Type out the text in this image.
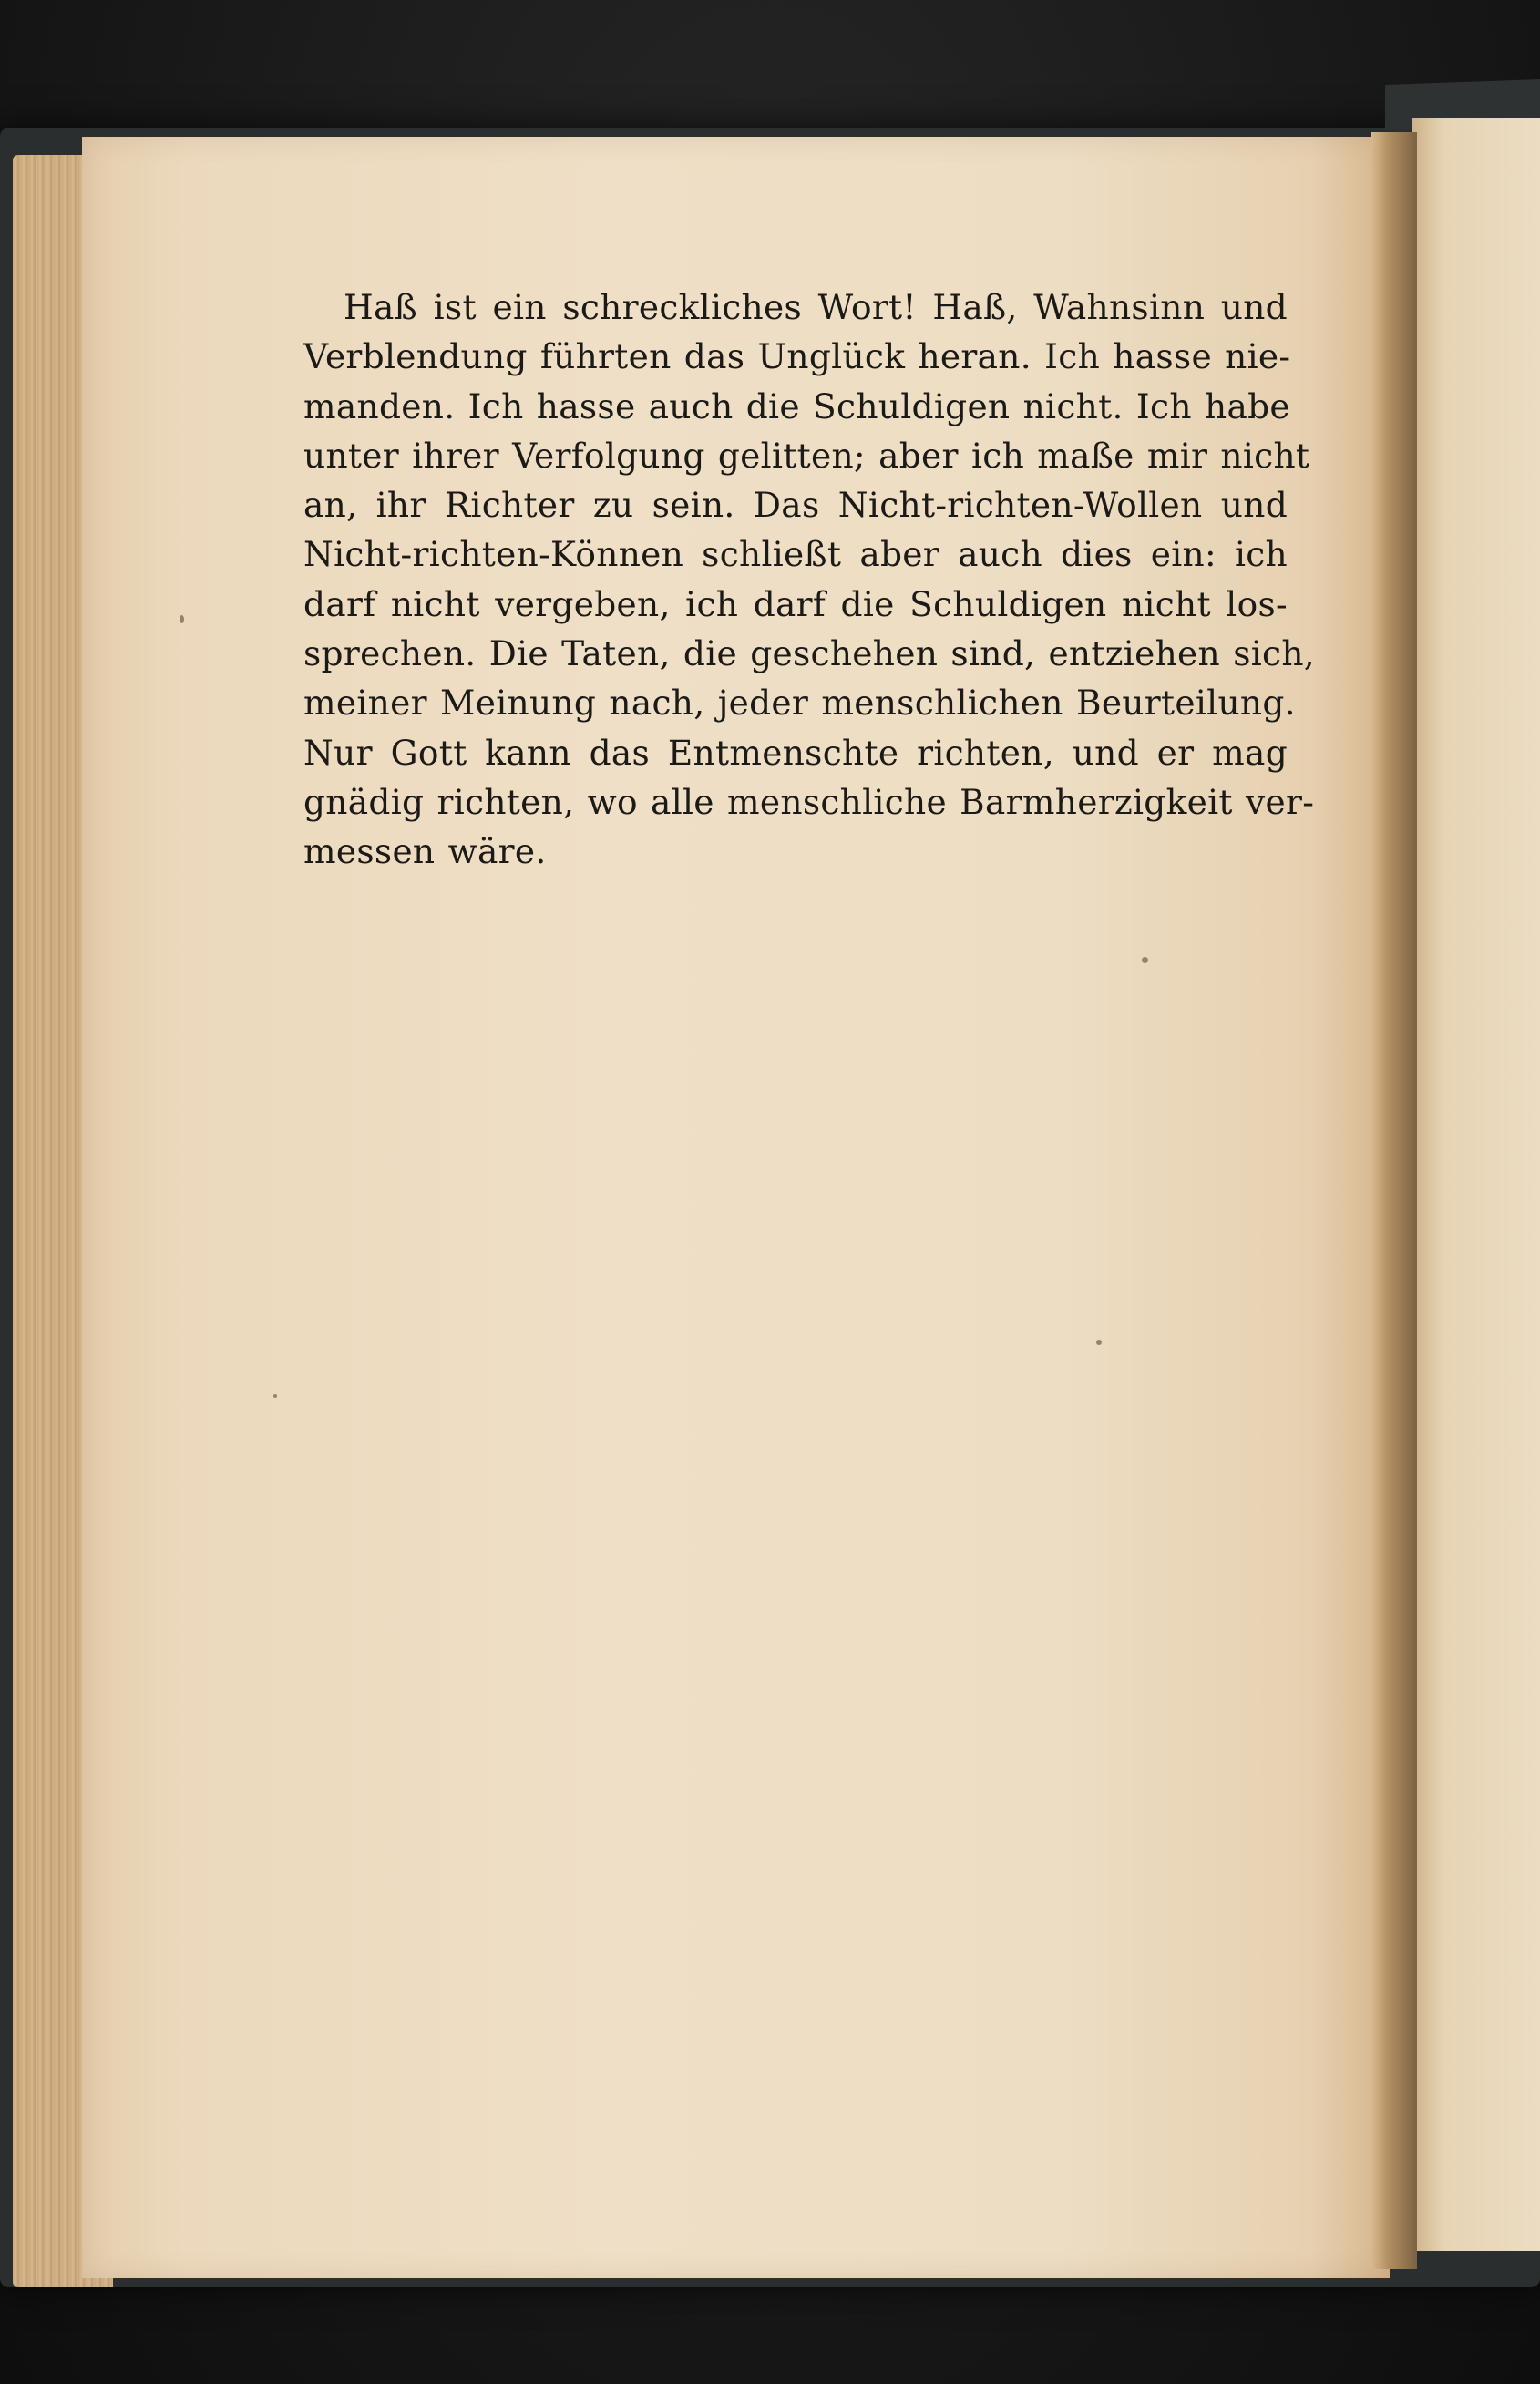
Haß ist ein schreckliches Wort! Haß, Wahnsinn und
Verblendung führten das Unglück heran. Ich hasse nie-
manden. Ich hasse auch die Schuldigen nicht. Ich habe
unter ihrer Verfolgung gelitten; aber ich maße mir nicht
an, ihr Richter zu sein. Das Nicht-richten-Wollen und
Nicht-richten-Können schließt aber auch dies ein: ich
darf nicht vergeben, ich darf die Schuldigen nicht los-
sprechen. Die Taten, die geschehen sind, entziehen sich,
meiner Meinung nach, jeder menschlichen Beurteilung.
Nur Gott kann das Entmenschte richten, und er mag
gnädig richten, wo alle menschliche Barmherzigkeit ver-
messen wäre.
